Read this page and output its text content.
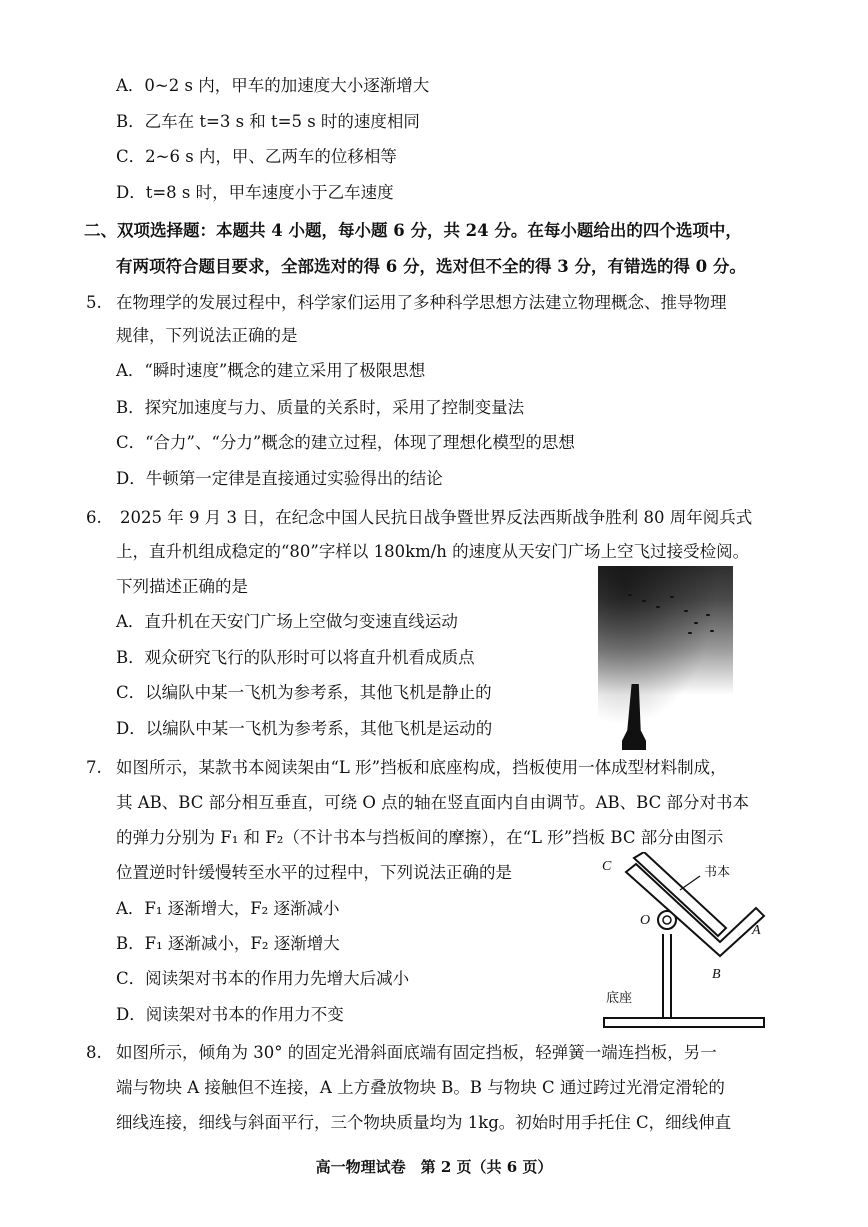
A．0~2 s 内，甲车的加速度大小逐渐增大
B．乙车在 t=3 s 和 t=5 s 时的速度相同
C．2~6 s 内，甲、乙两车的位移相等
D．t=8 s 时，甲车速度小于乙车速度
二、双项选择题：本题共 4 小题，每小题 6 分，共 24 分。在每小题给出的四个选项中，
有两项符合题目要求，全部选对的得 6 分，选对但不全的得 3 分，有错选的得 0 分。
5. 在物理学的发展过程中，科学家们运用了多种科学思想方法建立物理概念、推导物理
规律，下列说法正确的是
A．“瞬时速度”概念的建立采用了极限思想
B．探究加速度与力、质量的关系时，采用了控制变量法
C．“合力”、“分力”概念的建立过程，体现了理想化模型的思想
D．牛顿第一定律是直接通过实验得出的结论
6. 2025 年 9 月 3 日，在纪念中国人民抗日战争暨世界反法西斯战争胜利 80 周年阅兵式
上，直升机组成稳定的“80”字样以 180km/h 的速度从天安门广场上空飞过接受检阅。
下列描述正确的是
A．直升机在天安门广场上空做匀变速直线运动
B．观众研究飞行的队形时可以将直升机看成质点
C．以编队中某一飞机为参考系，其他飞机是静止的
D．以编队中某一飞机为参考系，其他飞机是运动的
7. 如图所示，某款书本阅读架由“L 形”挡板和底座构成，挡板使用一体成型材料制成，
其 AB、BC 部分相互垂直，可绕 O 点的轴在竖直面内自由调节。AB、BC 部分对书本
的弹力分别为 F₁ 和 F₂（不计书本与挡板间的摩擦），在“L 形”挡板 BC 部分由图示
位置逆时针缓慢转至水平的过程中，下列说法正确的是
A．F₁ 逐渐增大，F₂ 逐渐减小
B．F₁ 逐渐减小，F₂ 逐渐增大
C．阅读架对书本的作用力先增大后减小
D．阅读架对书本的作用力不变
C	书本
O
A
B
底座
8. 如图所示，倾角为 30° 的固定光滑斜面底端有固定挡板，轻弹簧一端连挡板，另一
端与物块 A 接触但不连接，A 上方叠放物块 B。B 与物块 C 通过跨过光滑定滑轮的
细线连接，细线与斜面平行，三个物块质量均为 1kg。初始时用手托住 C，细线伸直
高一物理试卷　第 2 页（共 6 页）
